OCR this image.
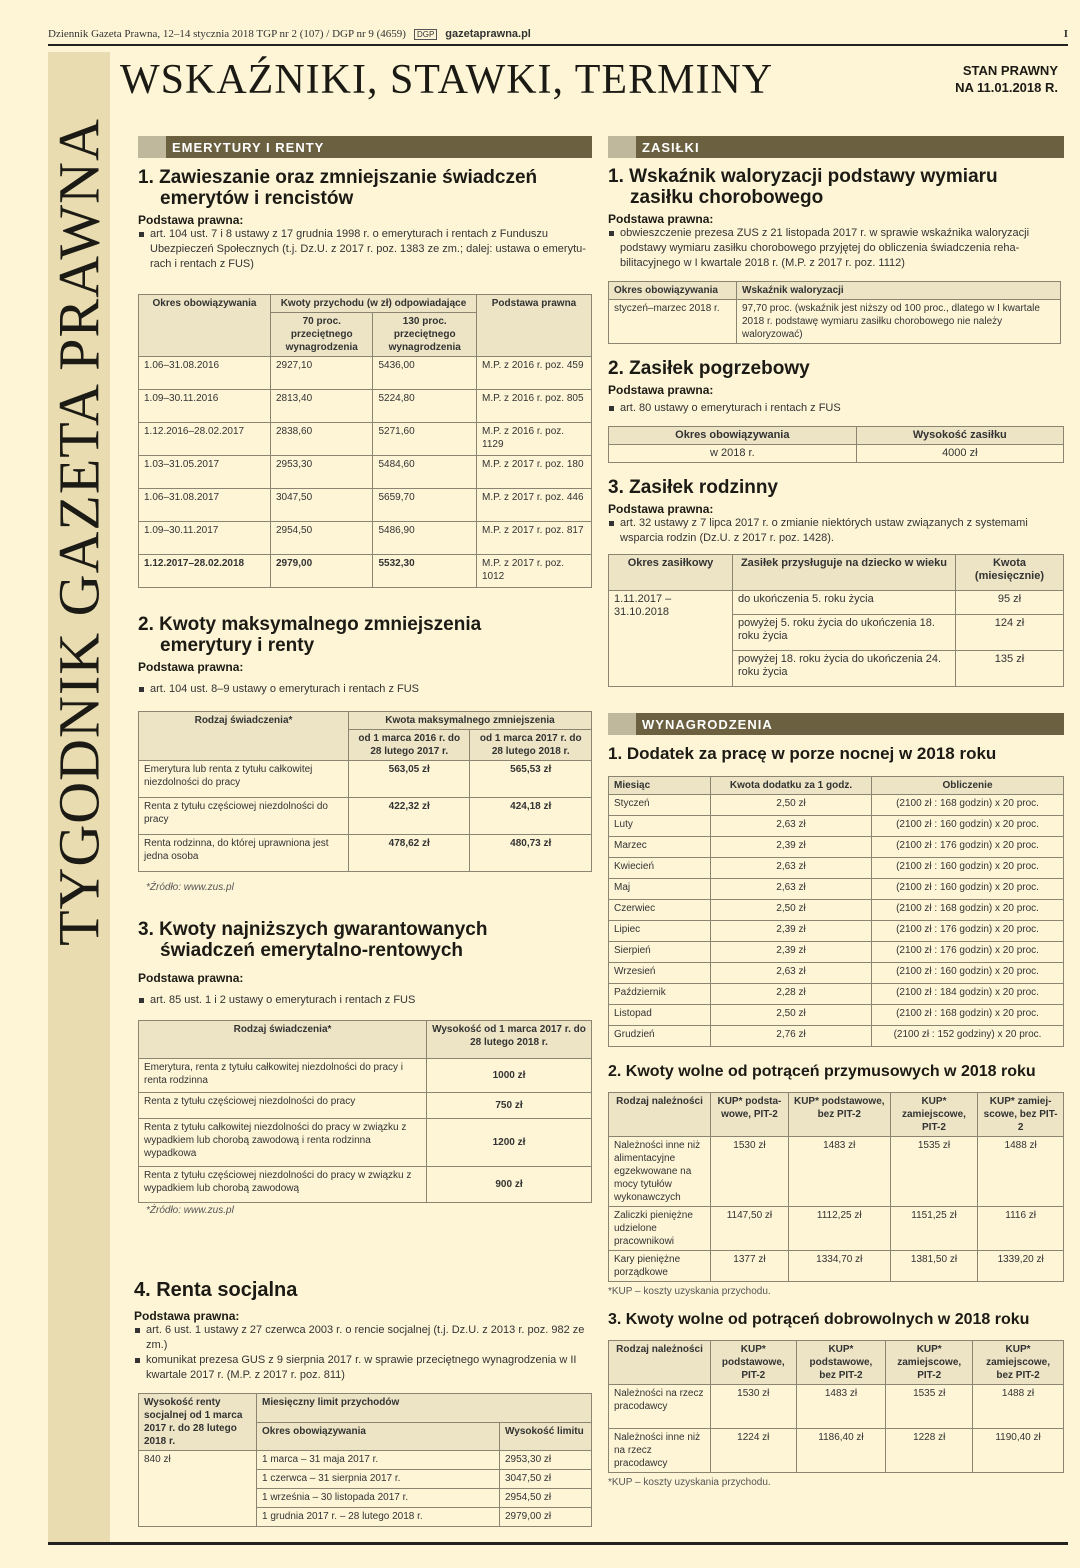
Dziennik Gazeta Prawna, 12–14 stycznia 2018 TGP nr 2 (107) / DGP nr 9 (4659)	DGP gazetaprawna.pl	I
TYGODNIK GAZETA PRAWNA
WSKAŹNIKI, STAWKI, TERMINY	STAN PRAWNY
NA 11.01.2018 R.
EMERYTURY I RENTY
1. Zawieszanie oraz zmniejszanie świadczeń
emerytów i rencistów
Podstawa prawna:
art. 104 ust. 7 i 8 ustawy z 17 grudnia 1998 r. o emeryturach i rentach z Funduszu Ubezpieczeń Społecznych (t.j. Dz.U. z 2017 r. poz. 1383 ze zm.; dalej: ustawa o emeryturach i rentach z FUS)
Okres obowiązywania	Kwoty przychodu (w zł) odpowiadające		Podstawa prawna
	70 proc. przeciętnego wynagrodzenia	130 proc. przeciętnego wynagrodzenia	
1.06–31.08.2016	2927,10	5436,00	M.P. z 2016 r. poz. 459
1.09–30.11.2016	2813,40	5224,80	M.P. z 2016 r. poz. 805
1.12.2016–28.02.2017	2838,60	5271,60	M.P. z 2016 r. poz. 1129
1.03–31.05.2017	2953,30	5484,60	M.P. z 2017 r. poz. 180
1.06–31.08.2017	3047,50	5659,70	M.P. z 2017 r. poz. 446
1.09–30.11.2017	2954,50	5486,90	M.P. z 2017 r. poz. 817
1.12.2017–28.02.2018	2979,00	5532,30	M.P. z 2017 r. poz. 1012
2. Kwoty maksymalnego zmniejszenia
emerytury i renty
Podstawa prawna:
art. 104 ust. 8–9 ustawy o emeryturach i rentach z FUS
Rodzaj świadczenia*	Kwota maksymalnego zmniejszenia	
	od 1 marca 2016 r. do 28 lutego 2017 r.	od 1 marca 2017 r. do 28 lutego 2018 r.
Emerytura lub renta z tytułu całkowitej niezdolności do pracy	563,05 zł	565,53 zł
Renta z tytułu częściowej niezdolności do pracy	422,32 zł	424,18 zł
Renta rodzinna, do której uprawniona jest jedna osoba	478,62 zł	480,73 zł
*Źródło: www.zus.pl
3. Kwoty najniższych gwarantowanych
świadczeń emerytalno-rentowych
Podstawa prawna:
art. 85 ust. 1 i 2 ustawy o emeryturach i rentach z FUS
Rodzaj świadczenia*	Wysokość od 1 marca 2017 r. do 28 lutego 2018 r.
Emerytura, renta z tytułu całkowitej niezdolności do pracy i renta rodzinna	1000 zł
Renta z tytułu częściowej niezdolności do pracy	750 zł
Renta z tytułu całkowitej niezdolności do pracy w związku z wypadkiem lub chorobą zawodową i renta rodzinna wypadkowa	1200 zł
Renta z tytułu częściowej niezdolności do pracy w związku z wypadkiem lub chorobą zawodową	900 zł
*Źródło: www.zus.pl
4. Renta socjalna
Podstawa prawna:
art. 6 ust. 1 ustawy z 27 czerwca 2003 r. o rencie socjalnej (t.j. Dz.U. z 2013 r. poz. 982 ze zm.)
komunikat prezesa GUS z 9 sierpnia 2017 r. w sprawie przeciętnego wynagrodzenia w II kwartale 2017 r. (M.P. z 2017 r. poz. 811)
Wysokość renty socjalnej od 1 marca 2017 r. do 28 lutego 2018 r.	Miesięczny limit przychodów	
	Okres obowiązywania	Wysokość limitu
840 zł	1 marca – 31 maja 2017 r.	2953,30 zł
	1 czerwca – 31 sierpnia 2017 r.	3047,50 zł
	1 września – 30 listopada 2017 r.	2954,50 zł
	1 grudnia 2017 r. – 28 lutego 2018 r.	2979,00 zł
ZASIŁKI
1. Wskaźnik waloryzacji podstawy wymiaru
zasiłku chorobowego
Podstawa prawna:
obwieszczenie prezesa ZUS z 21 listopada 2017 r. w sprawie wskaźnika waloryzacji podstawy wymiaru zasiłku chorobowego przyjętej do obliczenia świadczenia rehabilitacyjnego w I kwartale 2018 r. (M.P. z 2017 r. poz. 1112)
Okres obowiązywania	Wskaźnik waloryzacji
styczeń–marzec 2018 r.	97,70 proc. (wskaźnik jest niższy od 100 proc., dlatego w I kwartale 2018 r. podstawę wymiaru zasiłku chorobowego nie należy waloryzować)
2. Zasiłek pogrzebowy
Podstawa prawna:
art. 80 ustawy o emeryturach i rentach z FUS
Okres obowiązywania	Wysokość zasiłku
w 2018 r.	4000 zł
3. Zasiłek rodzinny
Podstawa prawna:
art. 32 ustawy z 7 lipca 2017 r. o zmianie niektórych ustaw związanych z systemami wsparcia rodzin (Dz.U. z 2017 r. poz. 1428).
Okres zasiłkowy	Zasiłek przysługuje na dziecko w wieku	Kwota (miesięcznie)
1.11.2017 – 31.10.2018	do ukończenia 5. roku życia	95 zł
	powyżej 5. roku życia do ukończenia 18. roku życia	124 zł
	powyżej 18. roku życia do ukończenia 24. roku życia	135 zł
WYNAGRODZENIA
1. Dodatek za pracę w porze nocnej w 2018 roku
Miesiąc	Kwota dodatku za 1 godz.	Obliczenie
Styczeń	2,50 zł	(2100 zł : 168 godzin) x 20 proc.
Luty	2,63 zł	(2100 zł : 160 godzin) x 20 proc.
Marzec	2,39 zł	(2100 zł : 176 godzin) x 20 proc.
Kwiecień	2,63 zł	(2100 zł : 160 godzin) x 20 proc.
Maj	2,63 zł	(2100 zł : 160 godzin) x 20 proc.
Czerwiec	2,50 zł	(2100 zł : 168 godzin) x 20 proc.
Lipiec	2,39 zł	(2100 zł : 176 godzin) x 20 proc.
Sierpień	2,39 zł	(2100 zł : 176 godzin) x 20 proc.
Wrzesień	2,63 zł	(2100 zł : 160 godzin) x 20 proc.
Październik	2,28 zł	(2100 zł : 184 godzin) x 20 proc.
Listopad	2,50 zł	(2100 zł : 168 godzin) x 20 proc.
Grudzień	2,76 zł	(2100 zł : 152 godziny) x 20 proc.
2. Kwoty wolne od potrąceń przymusowych w 2018 roku
Rodzaj należności	KUP* podstawowe, PIT-2	KUP* podstawowe, bez PIT-2	KUP* zamiejscowe, PIT-2	KUP* zamiejscowe, bez PIT-2
Należności inne niż alimentacyjne egzekwowane na mocy tytułów wykonawczych	1530 zł	1483 zł	1535 zł	1488 zł
Zaliczki pieniężne udzielone pracownikowi	1147,50 zł	1112,25 zł	1151,25 zł	1116 zł
Kary pieniężne porządkowe	1377 zł	1334,70 zł	1381,50 zł	1339,20 zł
*KUP – koszty uzyskania przychodu.
3. Kwoty wolne od potrąceń dobrowolnych w 2018 roku
Rodzaj należności	KUP* podstawowe, PIT-2	KUP* podstawowe, bez PIT-2	KUP* zamiejscowe, PIT-2	KUP* zamiejscowe, bez PIT-2
Należności na rzecz pracodawcy	1530 zł	1483 zł	1535 zł	1488 zł
Należności inne niż na rzecz pracodawcy	1224 zł	1186,40 zł	1228 zł	1190,40 zł
*KUP – koszty uzyskania przychodu.
